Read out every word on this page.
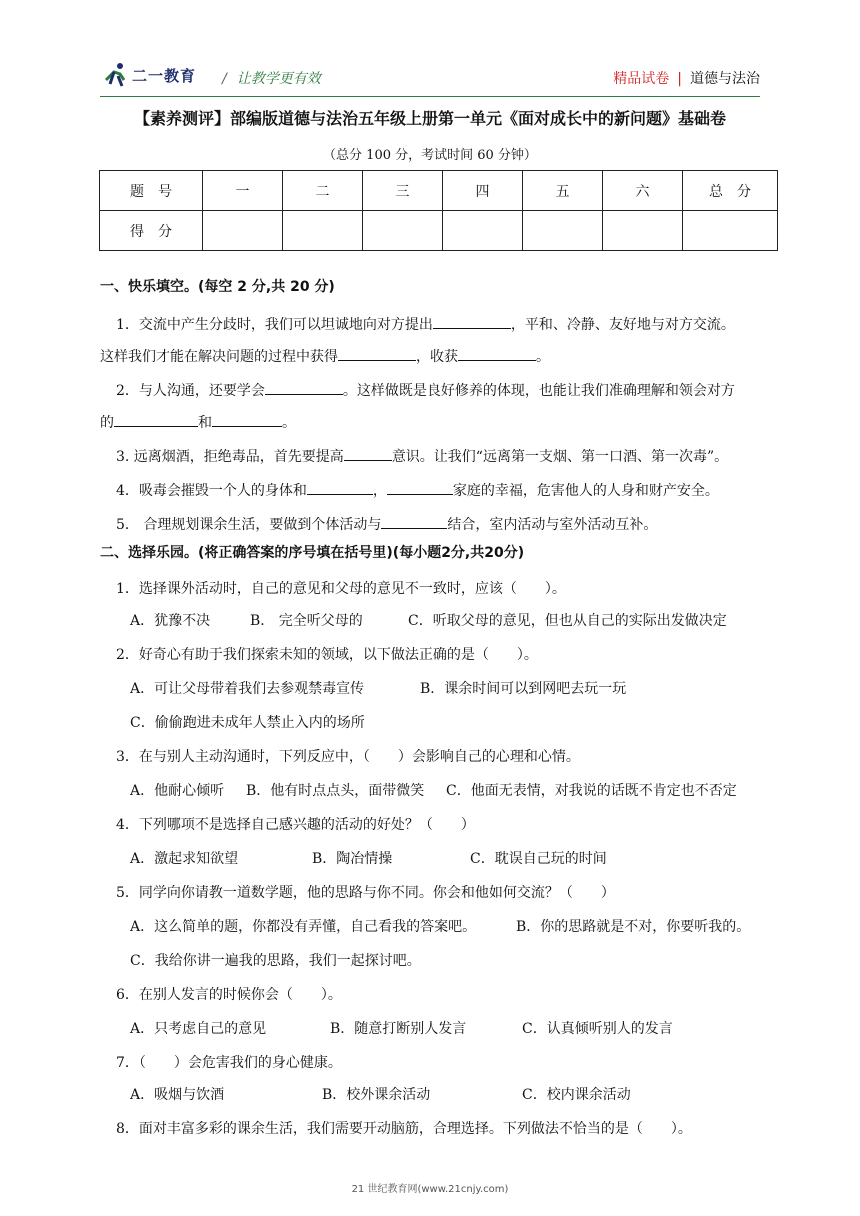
二一教育 / 让教学更有效	精品试卷 | 道德与法治
【素养测评】部编版道德与法治五年级上册第一单元《面对成长中的新问题》基础卷
（总分 100 分，考试时间 60 分钟）
题　号	一	二	三	四	五	六	总　分
得　分							
一、快乐填空。(每空 2 分,共 20 分)
1．交流中产生分歧时，我们可以坦诚地向对方提出	，平和、冷静、友好地与对方交流。
这样我们才能在解决问题的过程中获得	，收获	。
2．与人沟通，还要学会	。这样做既是良好修养的体现，也能让我们准确理解和领会对方
的	和	。
3. 远离烟酒，拒绝毒品，首先要提高	意识。让我们“远离第一支烟、第一口酒、第一次毒”。
4．吸毒会摧毁一个人的身体和	，	家庭的幸福，危害他人的人身和财产安全。
5． 合理规划课余生活，要做到个体活动与	结合，室内活动与室外活动互补。
二、选择乐园。(将正确答案的序号填在括号里)(每小题2分,共20分)
1．选择课外活动时，自己的意见和父母的意见不一致时，应该（　　）。
A．犹豫不决	B． 完全听父母的	C．听取父母的意见，但也从自己的实际出发做决定
2．好奇心有助于我们探索未知的领域，以下做法正确的是（　　）。
A．可让父母带着我们去参观禁毒宣传	B．课余时间可以到网吧去玩一玩
C．偷偷跑进未成年人禁止入内的场所
3．在与别人主动沟通时，下列反应中，（　　）会影响自己的心理和心情。
A．他耐心倾听 B．他有时点点头，面带微笑 C．他面无表情，对我说的话既不肯定也不否定
4．下列哪项不是选择自己感兴趣的活动的好处？（　　）
A．激起求知欲望	B．陶冶情操	C．耽误自己玩的时间
5．同学向你请教一道数学题，他的思路与你不同。你会和他如何交流？（　　）
A．这么简单的题，你都没有弄懂，自己看我的答案吧。	B．你的思路就是不对，你要听我的。
C．我给你讲一遍我的思路，我们一起探讨吧。
6．在别人发言的时候你会（　　）。
A．只考虑自己的意见	B．随意打断别人发言	C．认真倾听别人的发言
7．（　　）会危害我们的身心健康。
A．吸烟与饮酒	B．校外课余活动	C．校内课余活动
8．面对丰富多彩的课余生活，我们需要开动脑筋，合理选择。下列做法不恰当的是（　　）。
21 世纪教育网(www.21cnjy.com)
